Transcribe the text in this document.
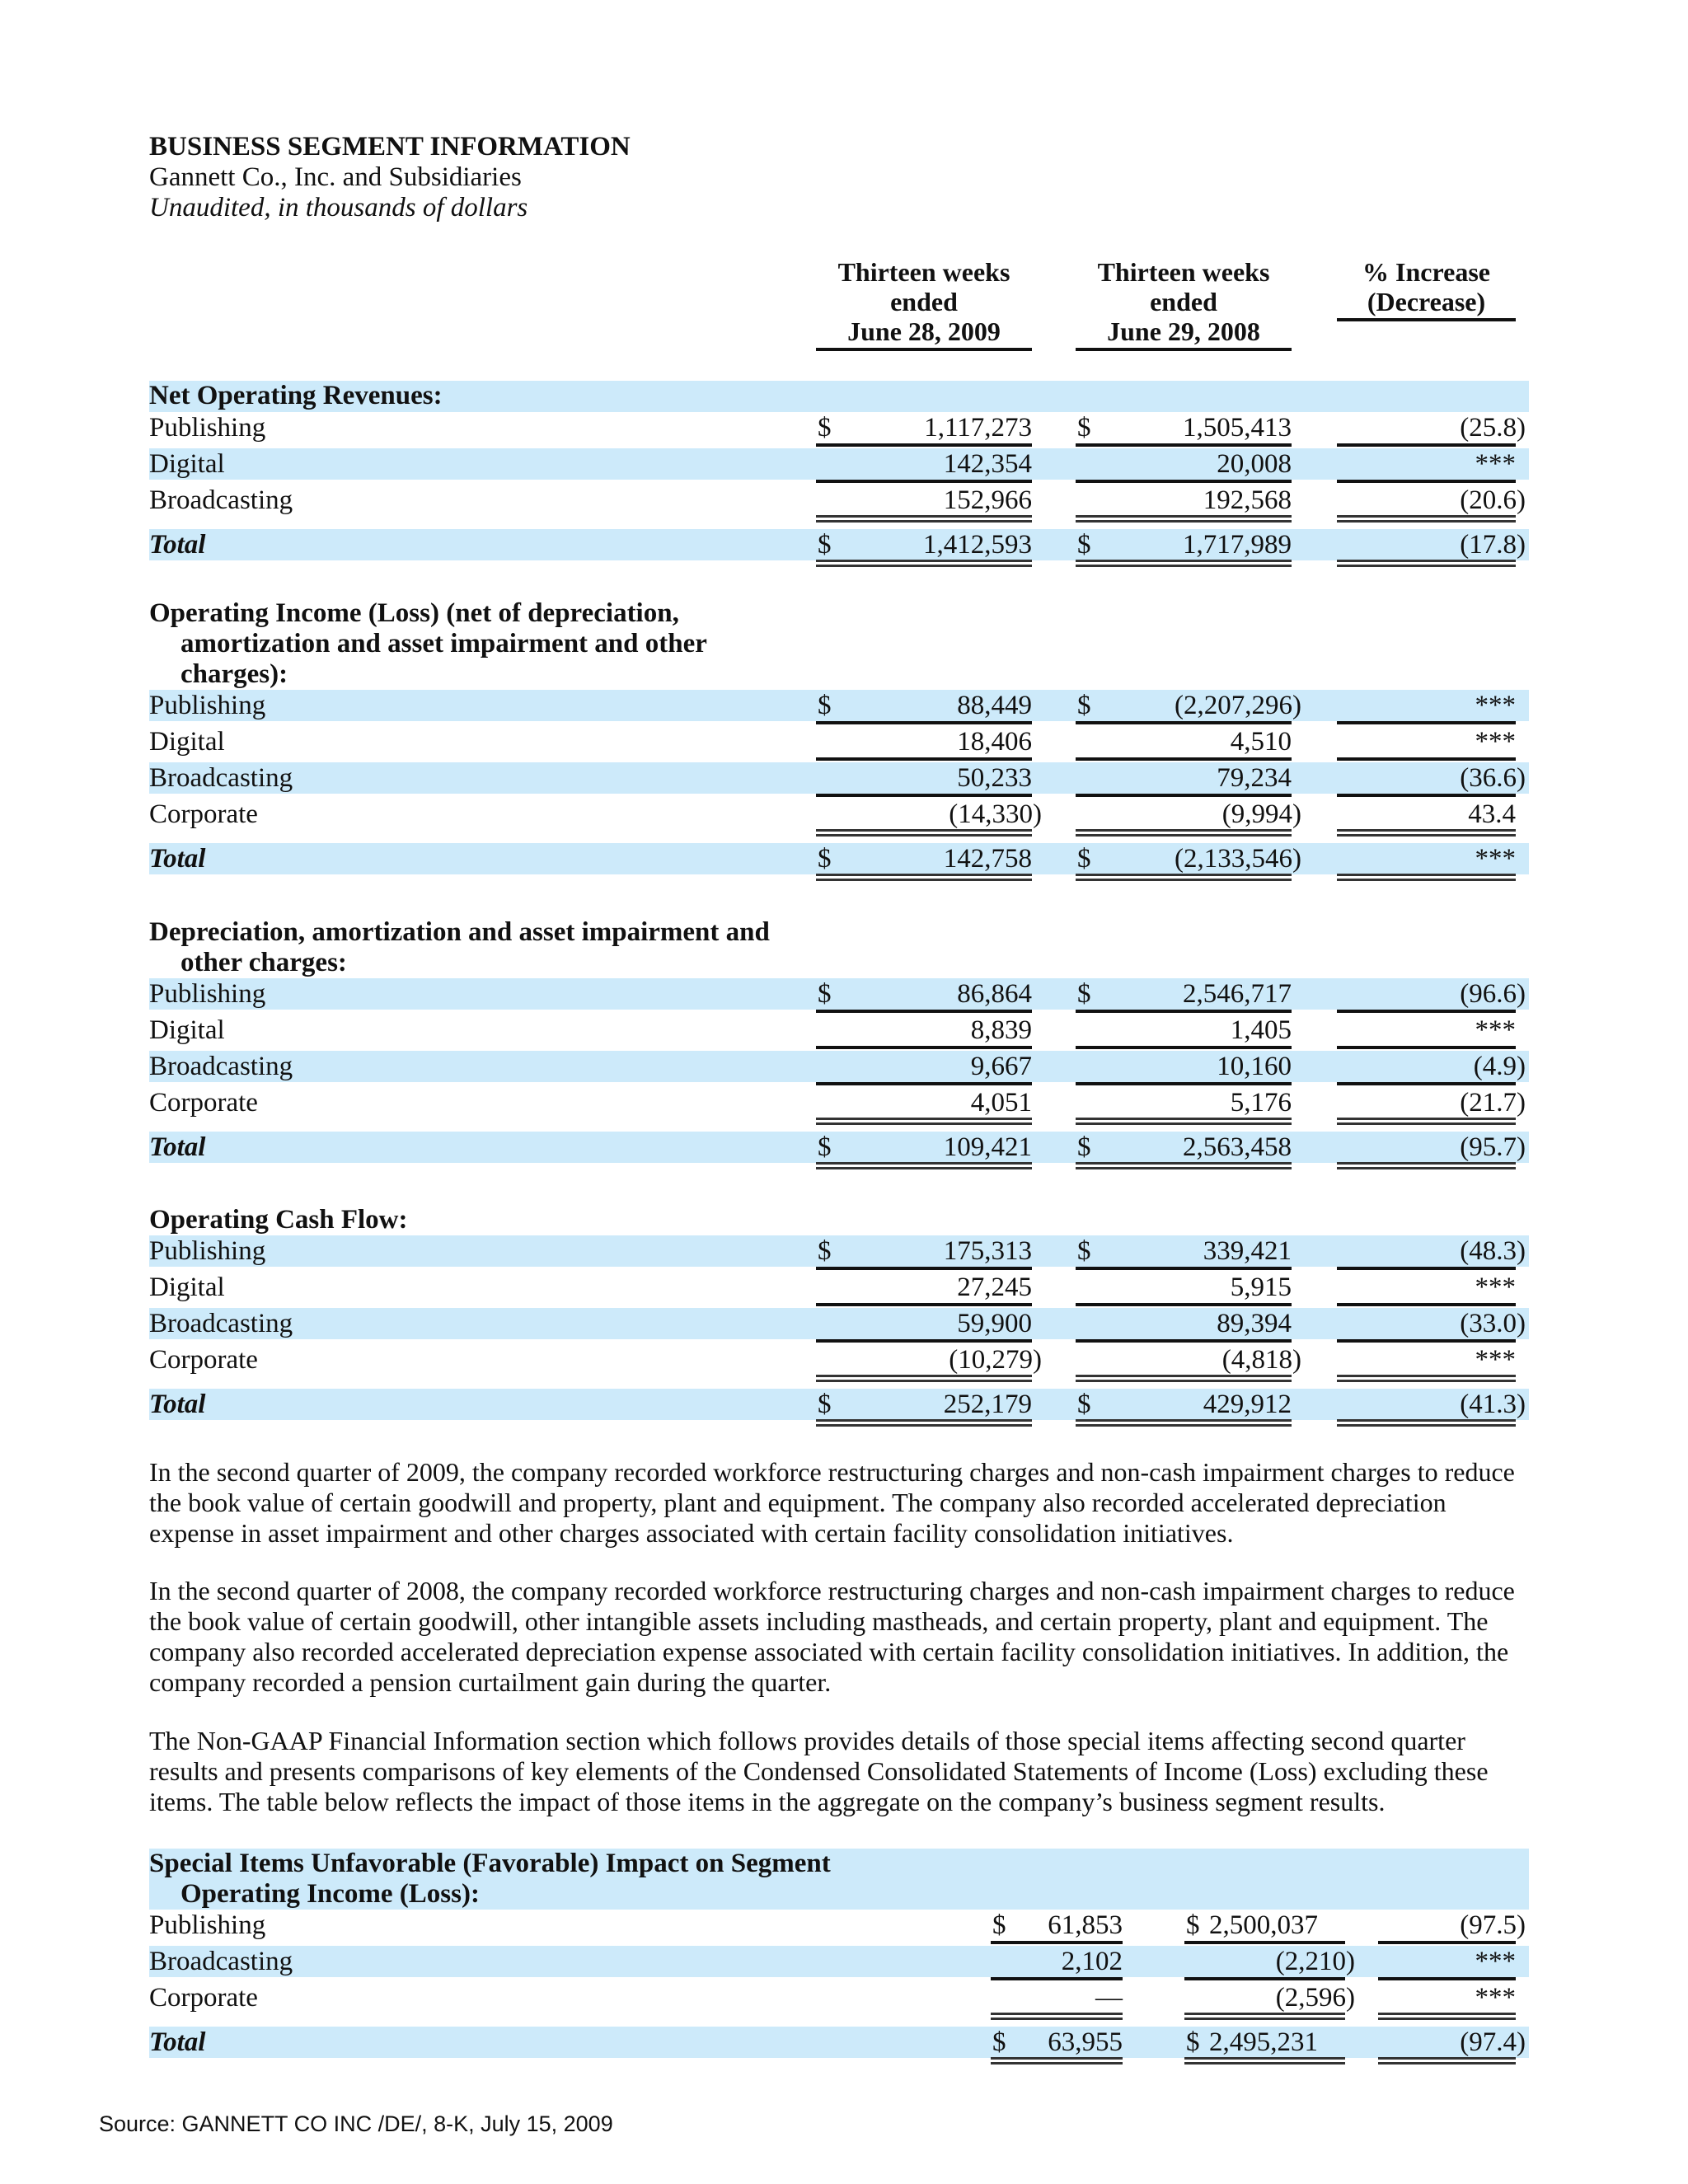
BUSINESS SEGMENT INFORMATION
Gannett Co., Inc. and Subsidiaries
Unaudited, in thousands of dollars
Thirteen weeks
ended
June 28, 2009
Thirteen weeks
ended
June 29, 2008
% Increase
(Decrease)
Net Operating Revenues:
Publishing	$	1,117,273 $	1,505,413	(25.8)
Digital	142,354	20,008	***
Broadcasting	152,966	192,568	(20.6)
Total	$	1,412,593 $	1,717,989	(17.8)
Operating Income (Loss) (net of depreciation,
amortization and asset impairment and other
charges):
Publishing	$	88,449 $	(2,207,296)	***
Digital	18,406	4,510	***
Broadcasting	50,233	79,234	(36.6)
Corporate	(14,330)	(9,994)	43.4
Total	$	142,758 $	(2,133,546)	***
Depreciation, amortization and asset impairment and
other charges:
Publishing	$	86,864 $	2,546,717	(96.6)
Digital	8,839	1,405	***
Broadcasting	9,667	10,160	(4.9)
Corporate	4,051	5,176	(21.7)
Total	$	109,421 $	2,563,458	(95.7)
Operating Cash Flow:
Publishing	$	175,313 $	339,421	(48.3)
Digital	27,245	5,915	***
Broadcasting	59,900	89,394	(33.0)
Corporate	(10,279)	(4,818)	***
Total	$	252,179 $	429,912	(41.3)
In the second quarter of 2009, the company recorded workforce restructuring charges and non-cash impairment charges to reduce the book value of certain goodwill and property, plant and equipment. The company also recorded accelerated depreciation expense in asset impairment and other charges associated with certain facility consolidation initiatives.
In the second quarter of 2008, the company recorded workforce restructuring charges and non-cash impairment charges to reduce the book value of certain goodwill, other intangible assets including mastheads, and certain property, plant and equipment. The company also recorded accelerated depreciation expense associated with certain facility consolidation initiatives. In addition, the company recorded a pension curtailment gain during the quarter.
The Non-GAAP Financial Information section which follows provides details of those special items affecting second quarter results and presents comparisons of key elements of the Condensed Consolidated Statements of Income (Loss) excluding these items. The table below reflects the impact of those items in the aggregate on the company’s business segment results.
Special Items Unfavorable (Favorable) Impact on Segment
Operating Income (Loss):
Publishing	$ 61,853 $ 2,500,037	(97.5)
Broadcasting	2,102	(2,210)	***
Corporate	—	(2,596)	***
Total	$ 63,955 $ 2,495,231	(97.4)
Source: GANNETT CO INC /DE/, 8-K, July 15, 2009
